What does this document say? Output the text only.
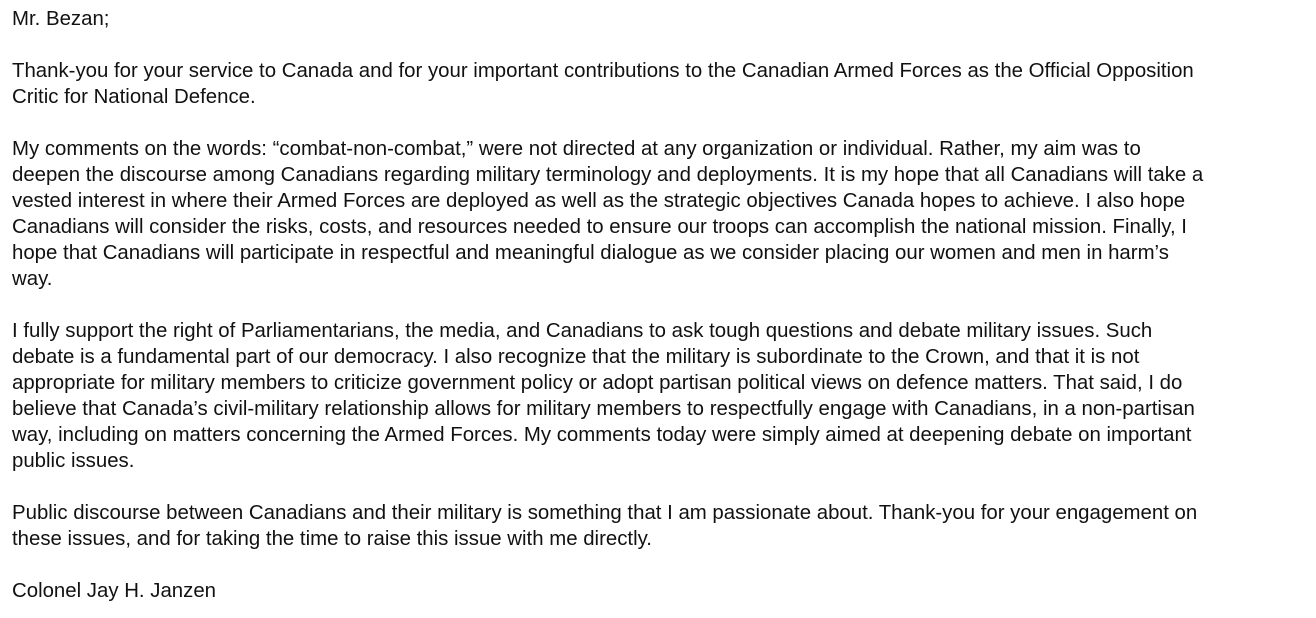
Mr. Bezan;

Thank-you for your service to Canada and for your important contributions to the Canadian Armed Forces as the Official Opposition
Critic for National Defence.

My comments on the words: “combat-non-combat,” were not directed at any organization or individual. Rather, my aim was to
deepen the discourse among Canadians regarding military terminology and deployments. It is my hope that all Canadians will take a
vested interest in where their Armed Forces are deployed as well as the strategic objectives Canada hopes to achieve. I also hope
Canadians will consider the risks, costs, and resources needed to ensure our troops can accomplish the national mission. Finally, I
hope that Canadians will participate in respectful and meaningful dialogue as we consider placing our women and men in harm’s
way.

I fully support the right of Parliamentarians, the media, and Canadians to ask tough questions and debate military issues. Such
debate is a fundamental part of our democracy. I also recognize that the military is subordinate to the Crown, and that it is not
appropriate for military members to criticize government policy or adopt partisan political views on defence matters. That said, I do
believe that Canada’s civil-military relationship allows for military members to respectfully engage with Canadians, in a non-partisan
way, including on matters concerning the Armed Forces. My comments today were simply aimed at deepening debate on important
public issues.

Public discourse between Canadians and their military is something that I am passionate about. Thank-you for your engagement on
these issues, and for taking the time to raise this issue with me directly.

Colonel Jay H. Janzen
